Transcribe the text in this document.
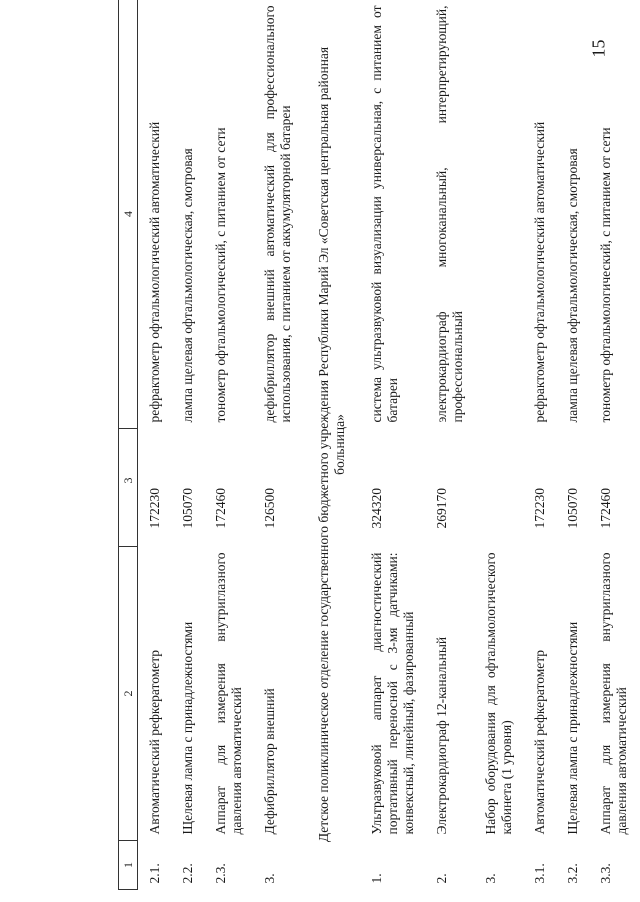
15
1	2	3	4
2.1.	Автоматический рефкератометр	172230	рефрактометр офтальмологический автоматический
2.2.	Щелевая лампа с принадлежностями	105070	лампа щелевая офтальмологическая, смотровая
2.3.	Аппарат для измерения внутриглазного давления автоматический	172460	тонометр офтальмологический, с питанием от сети
3.	Дефибриллятор внешний	126500	дефибриллятор внешний автоматический для профессионального использования, с питанием от аккумуляторной батареи
Детское поликлиническое отделение государственного бюджетного учреждения Республики Марий Эл «Советская центральная районная больница»			
1.	Ультразвуковой аппарат диагностический портативный переносной с 3-мя датчиками: конвексный, линейный, фазированный	324320	система ультразвуковой визуализации универсальная, с питанием от батареи
2.	Электрокардиограф 12-канальный	269170	электрокардиограф многоканальный, интерпретирующий, профессиональный
3.	Набор оборудования для офтальмологического кабинета (1 уровня)		
3.1.	Автоматический рефкератометр	172230	рефрактометр офтальмологический автоматический
3.2.	Щелевая лампа с принадлежностями	105070	лампа щелевая офтальмологическая, смотровая
3.3.	Аппарат для измерения внутриглазного давления автоматический	172460	тонометр офтальмологический, с питанием от сети
